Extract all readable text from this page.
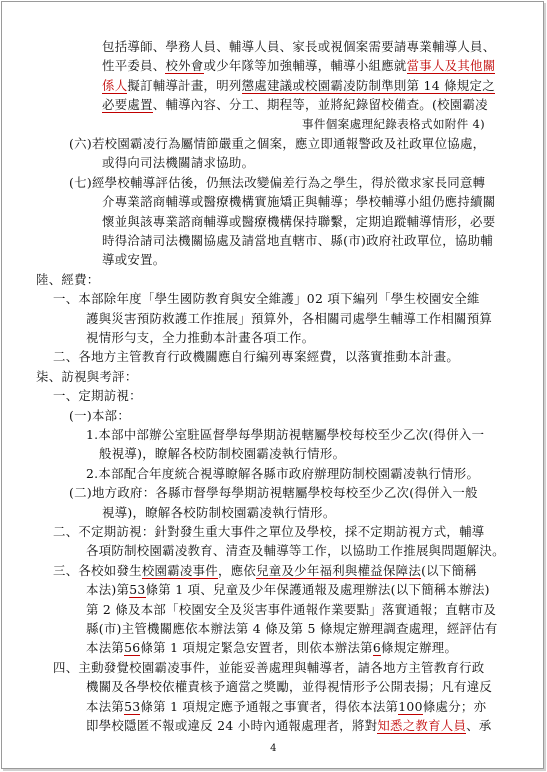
包括導師、學務人員、輔導人員、家長或視個案需要請專業輔導人員、
性平委員、校外會或少年隊等加強輔導，輔導小組應就當事人及其他關
係人擬訂輔導計畫，明列懲處建議或校園霸凌防制準則第 14 條規定之
必要處置、輔導內容、分工、期程等，並將紀錄留校備查。(校園霸凌
事件個案處理紀錄表格式如附件 4)
(六)若校園霸凌行為屬情節嚴重之個案，應立即通報警政及社政單位協處，
或得向司法機關請求協助。
(七)經學校輔導評估後，仍無法改變偏差行為之學生，得於徵求家長同意轉
介專業諮商輔導或醫療機構實施矯正與輔導；學校輔導小組仍應持續關
懷並與該專業諮商輔導或醫療機構保持聯繫，定期追蹤輔導情形，必要
時得洽請司法機關協處及請當地直轄市、縣(市)政府社政單位，協助輔
導或安置。
陸、經費：
一、本部除年度「學生國防教育與安全維護」02 項下編列「學生校園安全維
護與災害預防救護工作推展」預算外，各相關司處學生輔導工作相關預算
視情形勻支，全力推動本計畫各項工作。
二、各地方主管教育行政機關應自行編列專案經費，以落實推動本計畫。
柒、訪視與考評：
一、定期訪視：
(一)本部：
1.本部中部辦公室駐區督學每學期訪視轄屬學校每校至少乙次(得併入一
般視導)，瞭解各校防制校園霸凌執行情形。
2.本部配合年度統合視導瞭解各縣市政府辦理防制校園霸凌執行情形。
(二)地方政府：各縣市督學每學期訪視轄屬學校每校至少乙次(得併入一般
視導)，瞭解各校防制校園霸凌執行情形。
二、不定期訪視：針對發生重大事件之單位及學校，採不定期訪視方式，輔導
各項防制校園霸凌教育、清查及輔導等工作，以協助工作推展與問題解決。
三、各校如發生校園霸凌事件，應依兒童及少年福利與權益保障法(以下簡稱
本法)第53條第 1 項、兒童及少年保護通報及處理辦法(以下簡稱本辦法)
第 2 條及本部「校園安全及災害事件通報作業要點」落實通報；直轄市及
縣(市)主管機關應依本辦法第 4 條及第 5 條規定辦理調查處理，經評估有
本法第56條第 1 項規定緊急安置者，則依本辦法第6條規定辦理。
四、主動發覺校園霸凌事件，並能妥善處理與輔導者，請各地方主管教育行政
機關及各學校依權責核予適當之獎勵，並得視情形予公開表揚；凡有違反
本法第53條第 1 項規定應予通報之事實者，得依本法第100條處分；亦
即學校隱匿不報或違反 24 小時內通報處理者，將對知悉之教育人員、承
4
